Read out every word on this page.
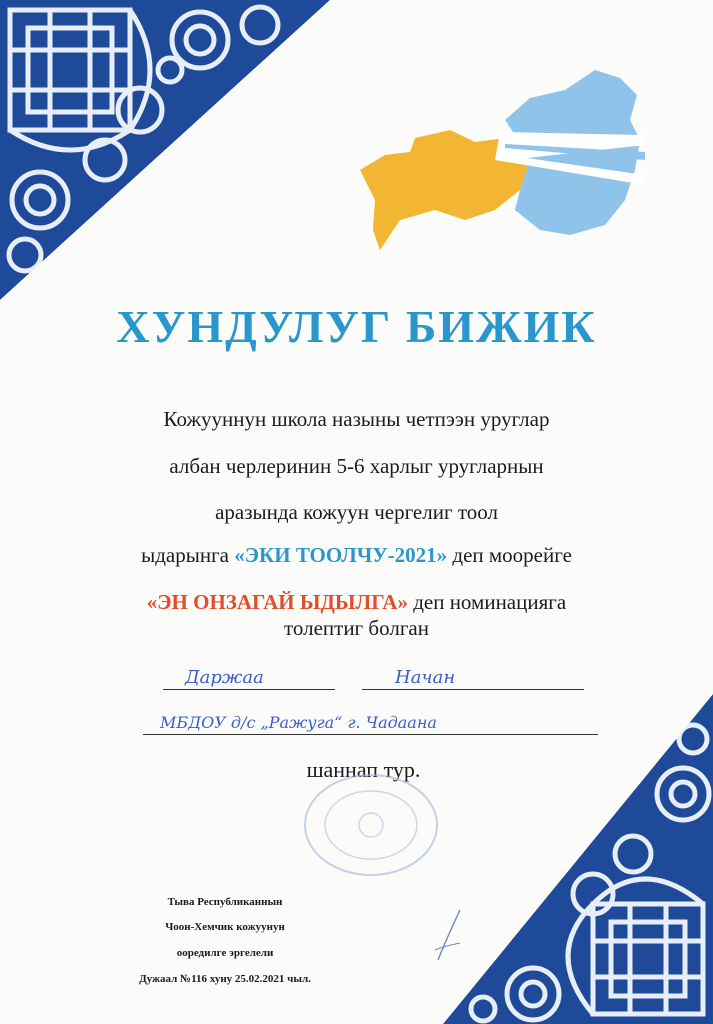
ХУНДУЛУГ БИЖИК
Кожууннун школа назыны четпээн уруглар
албан черлеринин 5-6 харлыг уругларнын
аразында кожуун чергелиг тоол
ыдарынга «ЭКИ ТООЛЧУ-2021» деп моорейге
«ЭН ОНЗАГАЙ ЫДЫЛГА» деп номинацияга
толептиг болган
Даржаа	Начан
МБДОУ д/с „Ражуга“ г. Чадаана
шаннап тур.
Тыва Республиканнын
Чоон-Хемчик кожуунун
ооредилге эргелели
Дужаал №116 хуну 25.02.2021 чыл.
